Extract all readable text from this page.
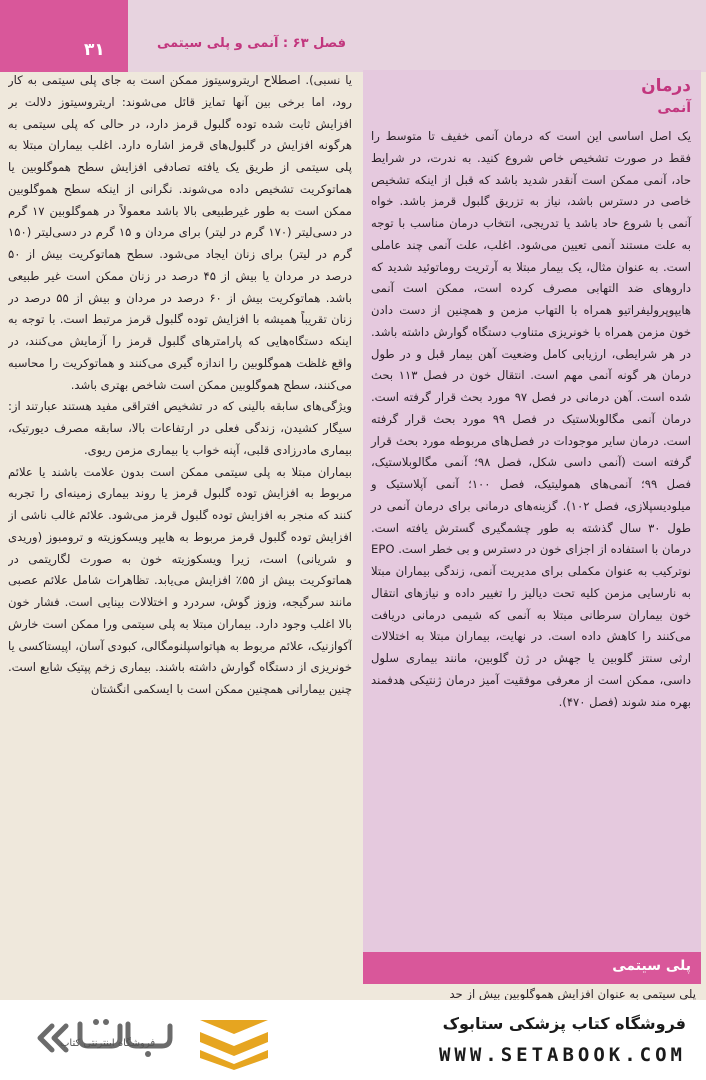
۳۱	فصل ۶۳ : آنمی و پلی سیتمی
درمان
آنمی

یک اصل اساسی این است که درمان آنمی خفیف تا متوسط را فقط در صورت تشخیص خاص شروع کنید. به ندرت، در شرایط حاد، آنمی ممکن است آنقدر شدید باشد که قبل از اینکه تشخیص خاصی در دسترس باشد، نیاز به تزریق گلبول قرمز باشد. خواه آنمی با شروع حاد باشد یا تدریجی، انتخاب درمان مناسب با توجه به علت مستند آنمی تعیین می‌شود. اغلب، علت آنمی چند عاملی است. به عنوان مثال، یک بیمار مبتلا به آرتریت روماتوئید شدید که داروهای ضد التهابی مصرف کرده است، ممکن است آنمی هایپوپرولیفراتیو همراه با التهاب مزمن و همچنین از دست دادن خون مزمن همراه با خونریزی متناوب دستگاه گوارش داشته باشد. در هر شرایطی، ارزیابی کامل وضعیت آهن بیمار قبل و در طول درمان هر گونه آنمی مهم است. انتقال خون در فصل ۱۱۳ بحث شده است. آهن درمانی در فصل ۹۷ مورد بحث قرار گرفته است. درمان آنمی مگالوبلاستیک در فصل ۹۹ مورد بحث قرار گرفته است. درمان سایر موجودات در فصل‌های مربوطه مورد بحث قرار گرفته است (آنمی داسی شکل، فصل ۹۸؛ آنمی مگالوبلاستیک، فصل ۹۹؛ آنمی‌های همولیتیک، فصل ۱۰۰؛ آنمی آپلاستیک و میلودیسپلازی، فصل ۱۰۲). گزینه‌های درمانی برای درمان آنمی در طول ۳۰ سال گذشته به طور چشمگیری گسترش یافته است. درمان با استفاده از اجزای خون در دسترس و بی خطر است. EPO نوترکیب به عنوان مکملی برای مدیریت آنمی، زندگی بیماران مبتلا به نارسایی مزمن کلیه تحت دیالیز را تغییر داده و نیازهای انتقال خون بیماران سرطانی مبتلا به آنمی که شیمی درمانی دریافت می‌کنند را کاهش داده است. در نهایت، بیماران مبتلا به اختلالات ارثی سنتز گلوبین یا جهش در ژن گلوبین، مانند بیماری سلول داسی، ممکن است از معرفی موفقیت آمیز درمان ژنتیکی هدفمند بهره مند شوند (فصل ۴۷۰).

یا نسبی). اصطلاح اریتروسیتوز ممکن است به جای پلی سیتمی به کار رود، اما برخی بین آنها تمایز قائل می‌شوند: اریتروسیتوز دلالت بر افزایش ثابت شده توده گلبول قرمز دارد، در حالی که پلی سیتمی به هرگونه افزایش در گلبول‌های قرمز اشاره دارد. اغلب بیماران مبتلا به پلی سیتمی از طریق یک یافته تصادفی افزایش سطح هموگلوبین یا هماتوکریت تشخیص داده می‌شوند. نگرانی از اینکه سطح هموگلوبین ممکن است به طور غیرطبیعی بالا باشد معمولاً در هموگلوبین ۱۷ گرم در دسی‌لیتر (۱۷۰ گرم در لیتر) برای مردان و ۱۵ گرم در دسی‌لیتر (۱۵۰ گرم در لیتر) برای زنان ایجاد می‌شود. سطح هماتوکریت بیش از ۵۰ درصد در مردان یا بیش از ۴۵ درصد در زنان ممکن است غیر طبیعی باشد. هماتوکریت بیش از ۶۰ درصد در مردان و بیش از ۵۵ درصد در زنان تقریباً همیشه با افزایش توده گلبول قرمز مرتبط است. با توجه به اینکه دستگاه‌هایی که پارامترهای گلبول قرمز را آزمایش می‌کنند، در واقع غلظت هموگلوبین را اندازه گیری می‌کنند و هماتوکریت را محاسبه می‌کنند، سطح هموگلوبین ممکن است شاخص بهتری باشد.

ویژگی‌های سابقه بالینی که در تشخیص افتراقی مفید هستند عبارتند از: سیگار کشیدن، زندگی فعلی در ارتفاعات بالا، سابقه مصرف دیورتیک، بیماری مادرزادی قلبی، آپنه خواب یا بیماری مزمن ریوی.

بیماران مبتلا به پلی سیتمی ممکن است بدون علامت باشند یا علائم مربوط به افزایش توده گلبول قرمز یا روند بیماری زمینه‌ای را تجربه کنند که منجر به افزایش توده گلبول قرمز می‌شود. علائم غالب ناشی از افزایش توده گلبول قرمز مربوط به هایپر ویسکوزیته و ترومبوز (وریدی و شریانی) است، زیرا ویسکوزیته خون به صورت لگاریتمی در هماتوکریت بیش از ۵۵٪ افزایش می‌یابد. تظاهرات شامل علائم عصبی مانند سرگیجه، وزوز گوش، سردرد و اختلالات بینایی است. فشار خون بالا اغلب وجود دارد. بیماران مبتلا به پلی سیتمی ورا ممکن است خارش آکوازنیک، علائم مربوط به هپاتواسپلنومگالی، کبودی آسان، اپیستاکسی یا خونریزی از دستگاه گوارش داشته باشند. بیماری زخم پپتیک شایع است. چنین بیمارانی همچنین ممکن است با ایسکمی انگشتان

پلی سیتمی

پلی سیتمی به عنوان افزایش هموگلوبین بیش از حد

فروشگاه اینترنتی کتاب
فروشگاه کتاب پزشکی ستابوک
WWW.SETABOOK.COM
